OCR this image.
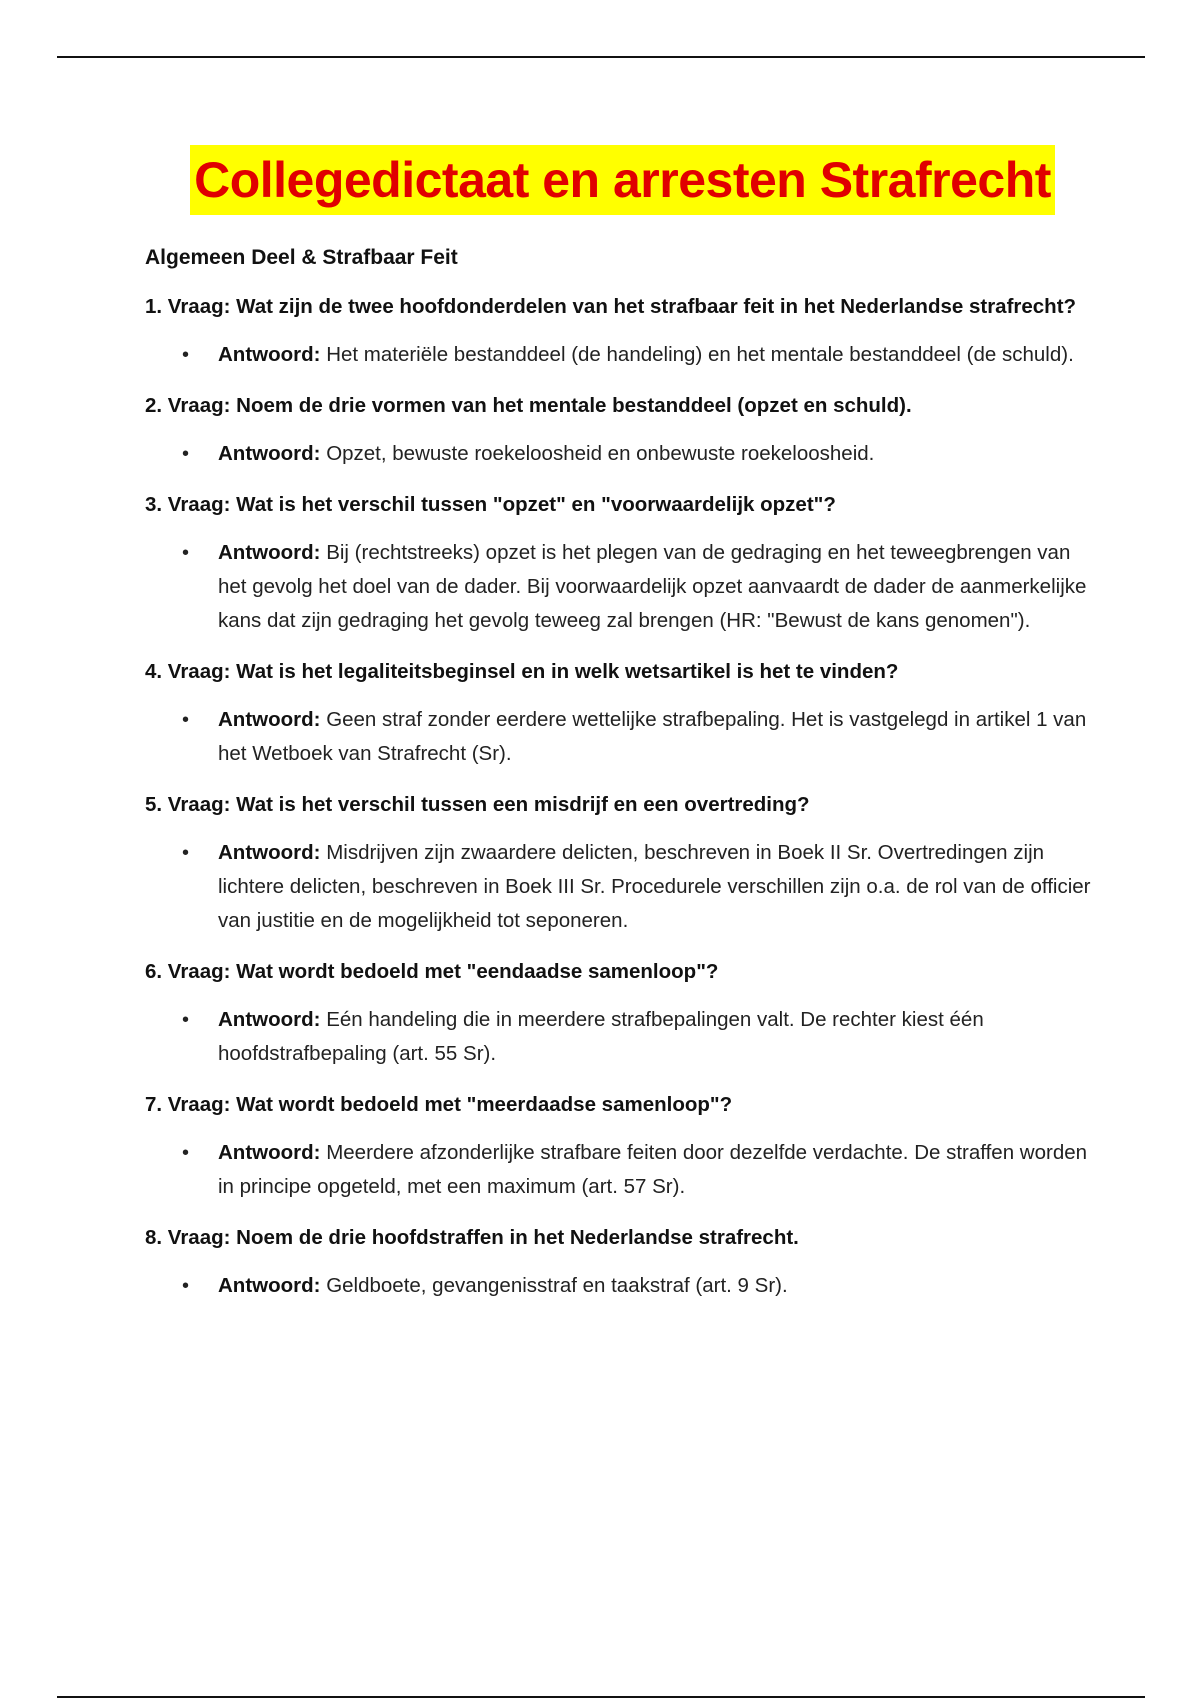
Collegedictaat en arresten Strafrecht
Algemeen Deel & Strafbaar Feit
1. Vraag: Wat zijn de twee hoofdonderdelen van het strafbaar feit in het Nederlandse strafrecht?
• Antwoord: Het materiële bestanddeel (de handeling) en het mentale bestanddeel (de schuld).
2. Vraag: Noem de drie vormen van het mentale bestanddeel (opzet en schuld).
• Antwoord: Opzet, bewuste roekeloosheid en onbewuste roekeloosheid.
3. Vraag: Wat is het verschil tussen "opzet" en "voorwaardelijk opzet"?
• Antwoord: Bij (rechtstreeks) opzet is het plegen van de gedraging en het teweegbrengen van het gevolg het doel van de dader. Bij voorwaardelijk opzet aanvaardt de dader de aanmerkelijke kans dat zijn gedraging het gevolg teweeg zal brengen (HR: "Bewust de kans genomen").
4. Vraag: Wat is het legaliteitsbeginsel en in welk wetsartikel is het te vinden?
• Antwoord: Geen straf zonder eerdere wettelijke strafbepaling. Het is vastgelegd in artikel 1 van het Wetboek van Strafrecht (Sr).
5. Vraag: Wat is het verschil tussen een misdrijf en een overtreding?
• Antwoord: Misdrijven zijn zwaardere delicten, beschreven in Boek II Sr. Overtredingen zijn lichtere delicten, beschreven in Boek III Sr. Procedurele verschillen zijn o.a. de rol van de officier van justitie en de mogelijkheid tot seponeren.
6. Vraag: Wat wordt bedoeld met "eendaadse samenloop"?
• Antwoord: Eén handeling die in meerdere strafbepalingen valt. De rechter kiest één hoofdstrafbepaling (art. 55 Sr).
7. Vraag: Wat wordt bedoeld met "meerdaadse samenloop"?
• Antwoord: Meerdere afzonderlijke strafbare feiten door dezelfde verdachte. De straffen worden in principe opgeteld, met een maximum (art. 57 Sr).
8. Vraag: Noem de drie hoofdstraffen in het Nederlandse strafrecht.
• Antwoord: Geldboete, gevangenisstraf en taakstraf (art. 9 Sr).
